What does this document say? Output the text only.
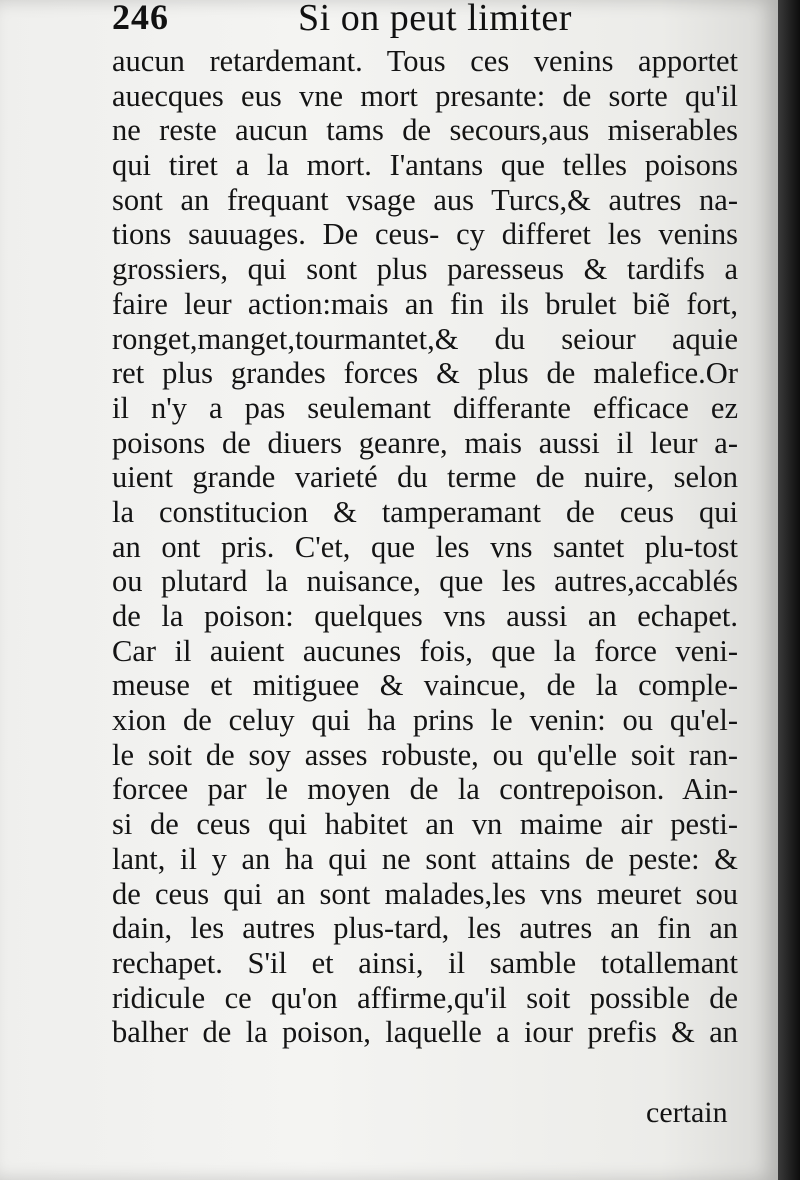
246	Si on peut limiter
aucun retardemant. Tous ces venins apportet
auecques eus vne mort presante: de sorte qu'il
ne reste aucun tams de secours,aus miserables
qui tiret a la mort. I'antans que telles poisons
sont an frequant vsage aus Turcs,& autres na-
tions sauuages. De ceus- cy differet les venins
grossiers, qui sont plus paresseus & tardifs a
faire leur action:mais an fin ils brulet biẽ fort,
ronget,manget,tourmantet,& du seiour aquie
ret plus grandes forces & plus de malefice.Or
il n'y a pas seulemant differante efficace ez
poisons de diuers geanre, mais aussi il leur a-
uient grande varieté du terme de nuire, selon
la constitucion & tamperamant de ceus qui
an ont pris. C'et, que les vns santet plu-tost
ou plutard la nuisance, que les autres,accablés
de la poison: quelques vns aussi an echapet.
Car il auient aucunes fois, que la force veni-
meuse et mitiguee & vaincue, de la comple-
xion de celuy qui ha prins le venin: ou qu'el-
le soit de soy asses robuste, ou qu'elle soit ran-
forcee par le moyen de la contrepoison. Ain-
si de ceus qui habitet an vn maime air pesti-
lant, il y an ha qui ne sont attains de peste: &
de ceus qui an sont malades,les vns meuret sou
dain, les autres plus-tard, les autres an fin an
rechapet. S'il et ainsi, il samble totallemant
ridicule ce qu'on affirme,qu'il soit possible de
balher de la poison, laquelle a iour prefis & an
certain
